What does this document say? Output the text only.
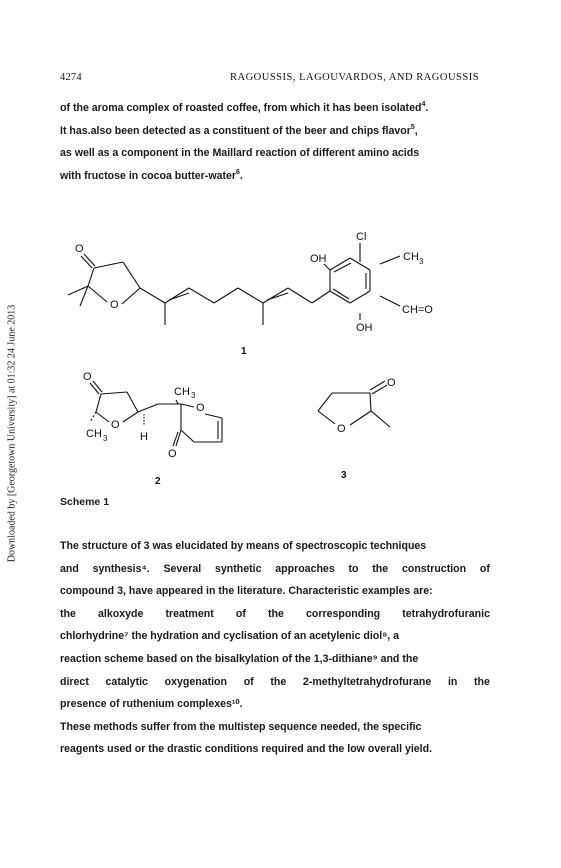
4274	RAGOUSSIS, LAGOUVARDOS, AND RAGOUSSIS
Downloaded by [Georgetown University] at 01:32 24 June 2013
of the aroma complex of roasted coffee, from which it has been isolated$^4$.
It has.also been detected as a constituent of the beer and chips flavor$^5$,
as well as a component in the Maillard reaction of different amino acids
with fructose in cocoa butter-water$^6$.
O
O
OH
Cl
CH 3
CH=O
OH
1
O
O
CH 3	H
CH 3
O
O
2
O
O
3
Scheme 1
The structure of 3 was elucidated by means of spectroscopic techniques
and synthesis⁴. Several synthetic approaches to the construction of
compound 3, have appeared in the literature. Characteristic examples are:
the alkoxyde treatment of the corresponding tetrahydrofuranic
chlorhydrine⁷ the hydration and cyclisation of an acetylenic diol⁸, a
reaction scheme based on the bisalkylation of the 1,3-dithiane⁹ and the
direct catalytic oxygenation of the 2-methyltetrahydrofurane in the
presence of ruthenium complexes¹⁰.
These methods suffer from the multistep sequence needed, the specific
reagents used or the drastic conditions required and the low overall yield.
